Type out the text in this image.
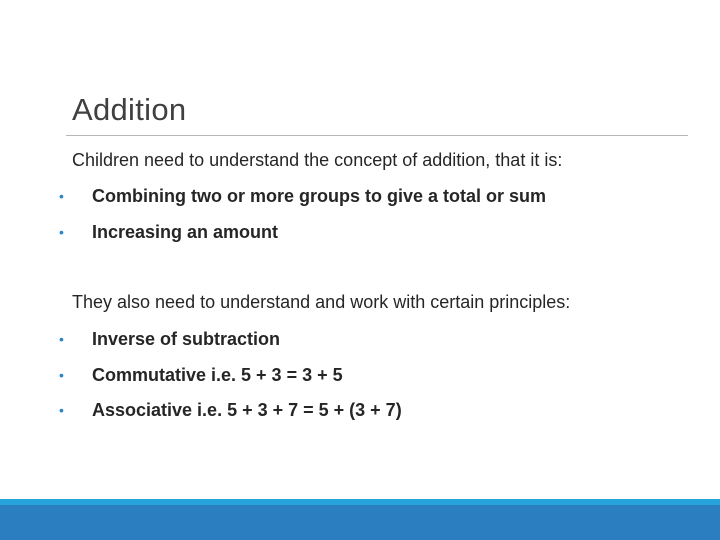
Addition
Children need to understand the concept of addition, that it is:
•	Combining two or more groups to give a total or sum
•	Increasing an amount
They also need to understand and work with certain principles:
•	Inverse of subtraction
•	Commutative i.e. 5 + 3 = 3 + 5
•	Associative i.e. 5 + 3 + 7 = 5 + (3 + 7)
